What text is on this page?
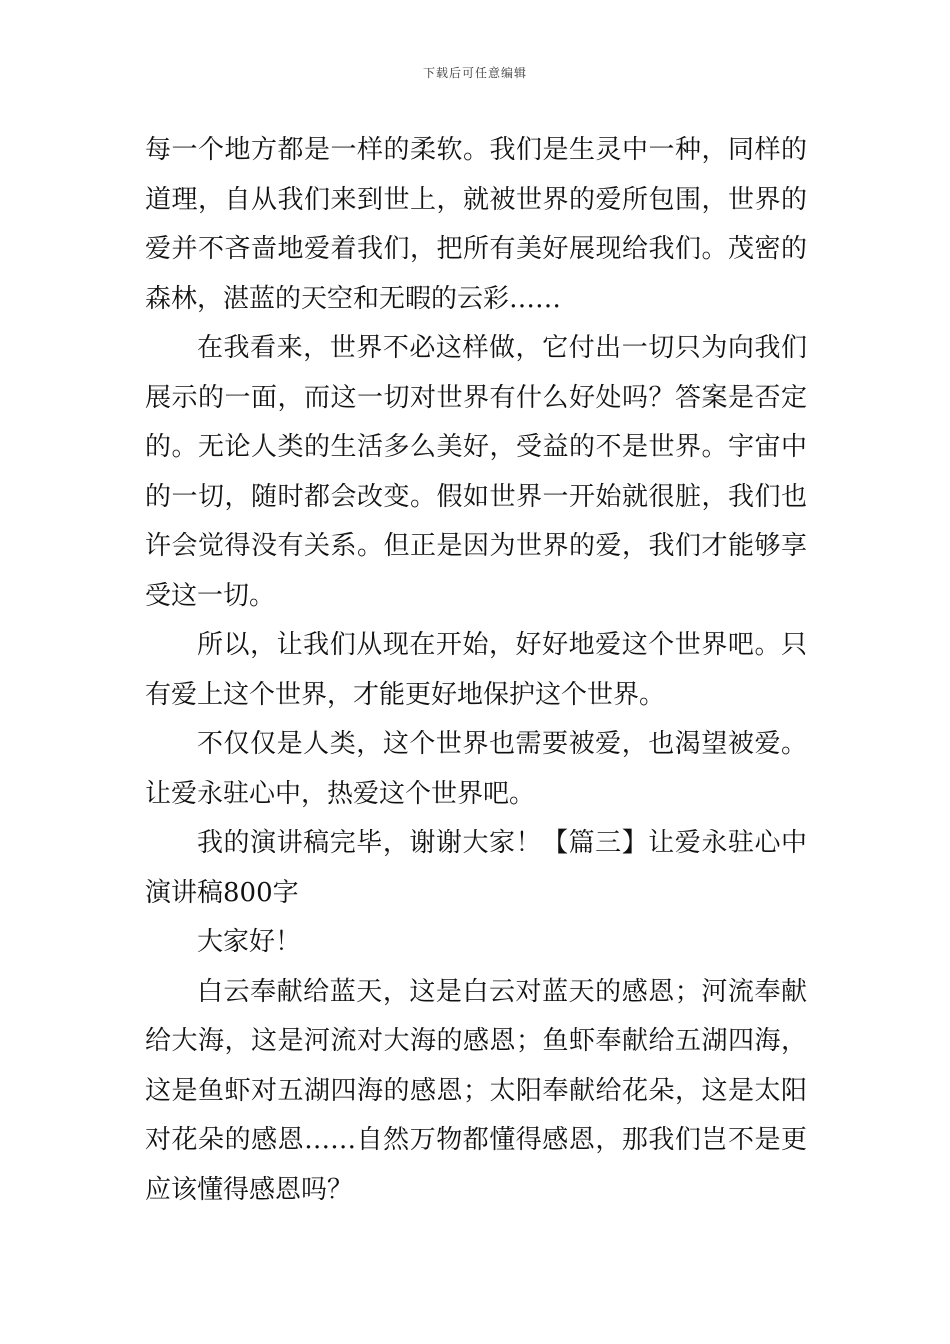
下载后可任意编辑

每一个地方都是一样的柔软。我们是生灵中一种，同样的道理，自从我们来到世上，就被世界的爱所包围，世界的爱并不吝啬地爱着我们，把所有美好展现给我们。茂密的森林，湛蓝的天空和无暇的云彩……

在我看来，世界不必这样做，它付出一切只为向我们展示的一面，而这一切对世界有什么好处吗？答案是否定的。无论人类的生活多么美好，受益的不是世界。宇宙中的一切，随时都会改变。假如世界一开始就很脏，我们也许会觉得没有关系。但正是因为世界的爱，我们才能够享受这一切。

所以，让我们从现在开始，好好地爱这个世界吧。只有爱上这个世界，才能更好地保护这个世界。

不仅仅是人类，这个世界也需要被爱，也渴望被爱。让爱永驻心中，热爱这个世界吧。

我的演讲稿完毕，谢谢大家！【篇三】让爱永驻心中演讲稿800字

大家好！

白云奉献给蓝天，这是白云对蓝天的感恩；河流奉献给大海，这是河流对大海的感恩；鱼虾奉献给五湖四海，这是鱼虾对五湖四海的感恩；太阳奉献给花朵，这是太阳对花朵的感恩……自然万物都懂得感恩，那我们岂不是更应该懂得感恩吗？
